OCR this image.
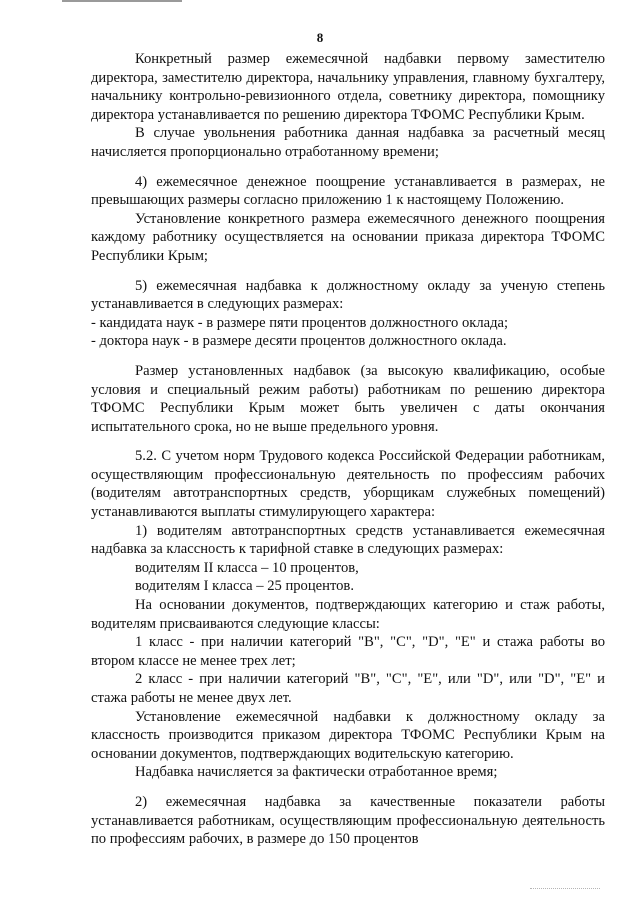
8

Конкретный размер ежемесячной надбавки первому заместителю директора, заместителю директора, начальнику управления, главному бухгалтеру, начальнику контрольно-ревизионного отдела, советнику директора, помощнику директора устанавливается по решению директора ТФОМС Республики Крым.

В случае увольнения работника данная надбавка за расчетный месяц начисляется пропорционально отработанному времени;

4) ежемесячное денежное поощрение устанавливается в размерах, не превышающих размеры согласно приложению 1 к настоящему Положению.

Установление конкретного размера ежемесячного денежного поощрения каждому работнику осуществляется на основании приказа директора ТФОМС Республики Крым;

5) ежемесячная надбавка к должностному окладу за ученую степень устанавливается в следующих размерах:

- кандидата наук - в размере пяти процентов должностного оклада;

- доктора наук - в размере десяти процентов должностного оклада.

Размер установленных надбавок (за высокую квалификацию, особые условия и специальный режим работы) работникам по решению директора ТФОМС Республики Крым может быть увеличен с даты окончания испытательного срока, но не выше предельного уровня.

5.2. С учетом норм Трудового кодекса Российской Федерации работникам, осуществляющим профессиональную деятельность по профессиям рабочих (водителям автотранспортных средств, уборщикам служебных помещений) устанавливаются выплаты стимулирующего характера:

1) водителям автотранспортных средств устанавливается ежемесячная надбавка за классность к тарифной ставке в следующих размерах:

водителям II класса – 10 процентов,

водителям I класса – 25 процентов.

На основании документов, подтверждающих категорию и стаж работы, водителям присваиваются следующие классы:

1 класс - при наличии категорий "В", "С", "D", "Е" и стажа работы во втором классе не менее трех лет;

2 класс - при наличии категорий "В", "С", "Е", или "D", или "D", "Е" и стажа работы не менее двух лет.

Установление ежемесячной надбавки к должностному окладу за классность производится приказом директора ТФОМС Республики Крым на основании документов, подтверждающих водительскую категорию.

Надбавка начисляется за фактически отработанное время;

2) ежемесячная надбавка за качественные показатели работы устанавливается работникам, осуществляющим профессиональную деятельность по профессиям рабочих, в размере до 150 процентов
